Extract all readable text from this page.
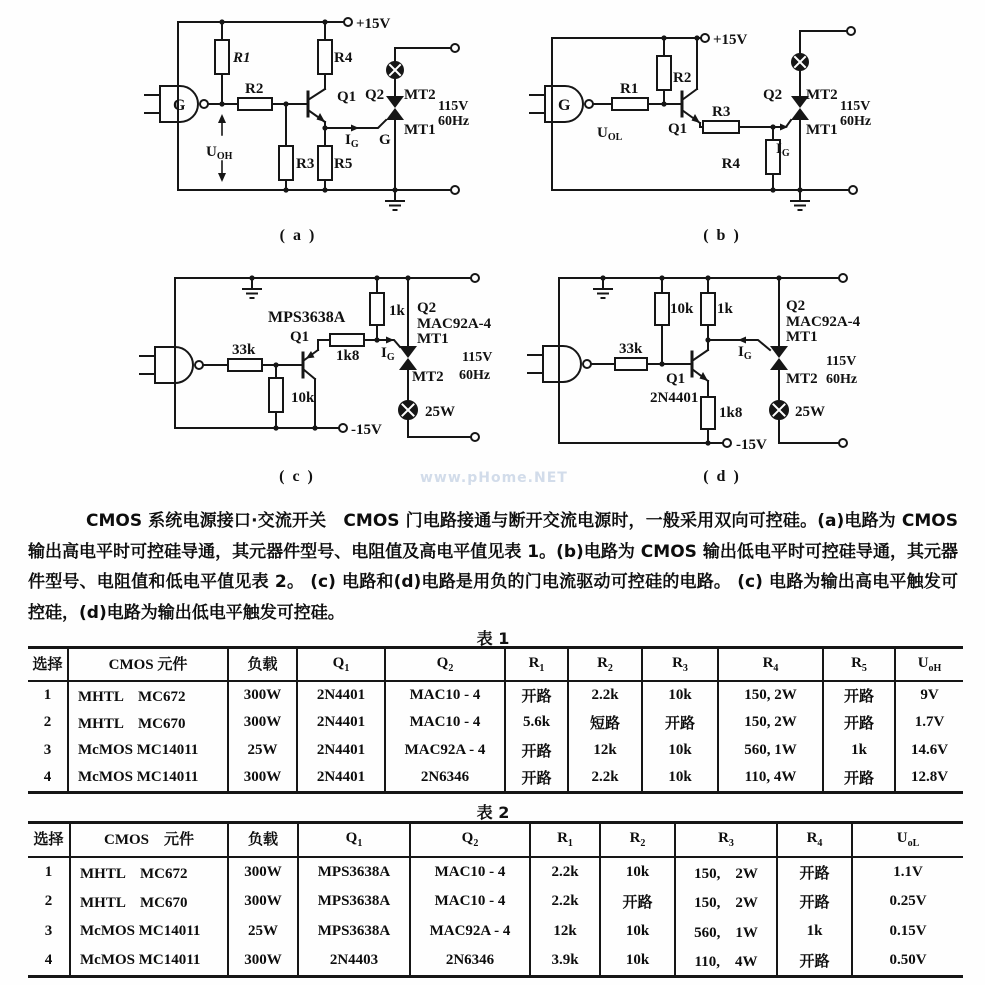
+15V
G
R1
R2
R3
R4
R5
Q1 Q2 MT2
MT1
G
$I_G$
$U_{OH}$
115V
60Hz
( a )
+15V
G
R1
R2
R3
R4
Q1
Q2 MT2
MT1
$I_G$
$U_{OL}$
115V
60Hz
( b )
33k
10k
1k8
1k
MPS3638A
Q1
Q2
MAC92A-4
MT1
MT2
$I_G$	115V
60Hz
25W
-15V
( c )
33k
10k 1k
1k8
Q1
2N4401
Q2
MAC92A-4
MT1
MT2
$I_G$	115V
60Hz
25W
-15V
( d )
www.pHome.NET

CMOS 系统电源接口·交流开关　CMOS 门电路接通与断开交流电源时，一般采用双向可控硅。(a)电路为 CMOS 输出高电平时可控硅导通，其元器件型号、电阻值及高电平值见表 1。(b)电路为 CMOS 输出低电平时可控硅导通，其元器件型号、电阻值和低电平值见表 2。 (c) 电路和(d)电路是用负的门电流驱动可控硅的电路。 (c) 电路为输出高电平触发可控硅，(d)电路为输出低电平触发可控硅。

表 1
选择	CMOS 元件	负载	$Q_1$	$Q_2$	$R_1$	$R_2$	$R_3$	$R_4$	$R_5$	$U_{oH}$
1	MHTL　MC672	300W	2N4401	MAC10 - 4	开路	2.2k	10k	150, 2W	开路	9V
2	MHTL　MC670	300W	2N4401	MAC10 - 4	5.6k	短路	开路	150, 2W	开路	1.7V
3	McMOS MC14011	25W	2N4401	MAC92A - 4	开路	12k	10k	560, 1W	1k	14.6V
4	McMOS MC14011	300W	2N4401	2N6346	开路	2.2k	10k	110, 4W	开路	12.8V
表 2
选择	CMOS　元件	负载	$Q_1$	$Q_2$	$R_1$	$R_2$	$R_3$	$R_4$	$U_{oL}$
1	MHTL　MC672	300W	MPS3638A	MAC10 - 4	2.2k	10k	150,　2W	开路	1.1V
2	MHTL　MC670	300W	MPS3638A	MAC10 - 4	2.2k	开路	150,　2W	开路	0.25V
3	McMOS MC14011	25W	MPS3638A	MAC92A - 4	12k	10k	560,　1W	1k	0.15V
4	McMOS MC14011	300W	2N4403	2N6346	3.9k	10k	110,　4W	开路	0.50V
